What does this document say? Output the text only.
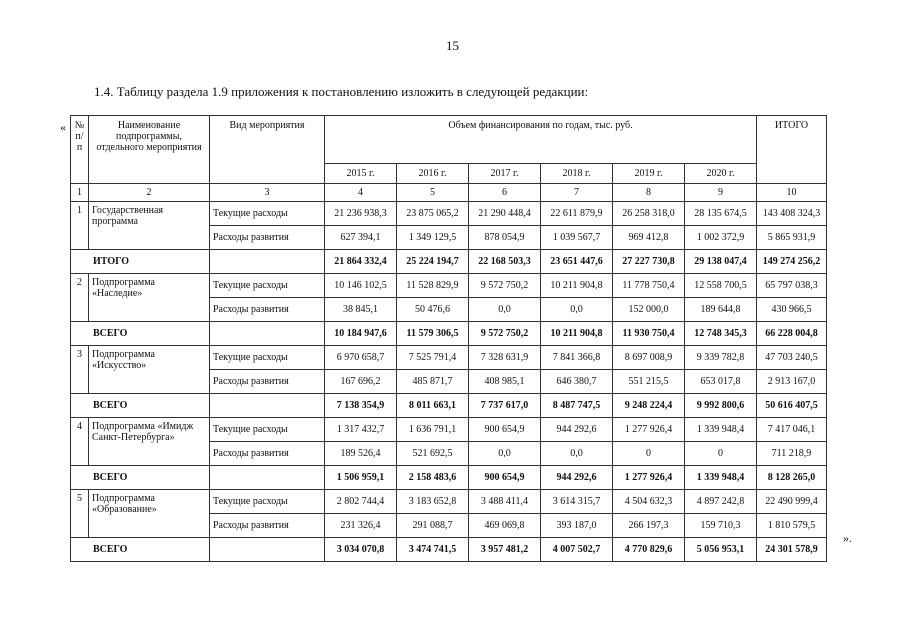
15
1.4. Таблицу раздела 1.9 приложения к постановлению изложить в следующей редакции:
«
».
№ п/п	Наименование подпрограммы, отдельного мероприятия	Вид мероприятия	Объем финансирования по годам, тыс. руб.						ИТОГО
			2015 г.	2016 г.	2017 г.	2018 г.	2019 г.	2020 г.	
1	2	3	4	5	6	7	8	9	10
1	Государственная программа	Текущие расходы	21 236 938,3	23 875 065,2	21 290 448,4	22 611 879,9	26 258 318,0	28 135 674,5	143 408 324,3
		Расходы развития	627 394,1	1 349 129,5	878 054,9	1 039 567,7	969 412,8	1 002 372,9	5 865 931,9
ИТОГО			21 864 332,4	25 224 194,7	22 168 503,3	23 651 447,6	27 227 730,8	29 138 047,4	149 274 256,2
2	Подпрограмма «Наследие»	Текущие расходы	10 146 102,5	11 528 829,9	9 572 750,2	10 211 904,8	11 778 750,4	12 558 700,5	65 797 038,3
		Расходы развития	38 845,1	50 476,6	0,0	0,0	152 000,0	189 644,8	430 966,5
ВСЕГО			10 184 947,6	11 579 306,5	9 572 750,2	10 211 904,8	11 930 750,4	12 748 345,3	66 228 004,8
3	Подпрограмма «Искусство»	Текущие расходы	6 970 658,7	7 525 791,4	7 328 631,9	7 841 366,8	8 697 008,9	9 339 782,8	47 703 240,5
		Расходы развития	167 696,2	485 871,7	408 985,1	646 380,7	551 215,5	653 017,8	2 913 167,0
ВСЕГО			7 138 354,9	8 011 663,1	7 737 617,0	8 487 747,5	9 248 224,4	9 992 800,6	50 616 407,5
4	Подпрограмма «Имидж Санкт-Петербурга»	Текущие расходы	1 317 432,7	1 636 791,1	900 654,9	944 292,6	1 277 926,4	1 339 948,4	7 417 046,1
		Расходы развития	189 526,4	521 692,5	0,0	0,0	0	0	711 218,9
ВСЕГО			1 506 959,1	2 158 483,6	900 654,9	944 292,6	1 277 926,4	1 339 948,4	8 128 265,0
5	Подпрограмма «Образование»	Текущие расходы	2 802 744,4	3 183 652,8	3 488 411,4	3 614 315,7	4 504 632,3	4 897 242,8	22 490 999,4
		Расходы развития	231 326,4	291 088,7	469 069,8	393 187,0	266 197,3	159 710,3	1 810 579,5
ВСЕГО			3 034 070,8	3 474 741,5	3 957 481,2	4 007 502,7	4 770 829,6	5 056 953,1	24 301 578,9
